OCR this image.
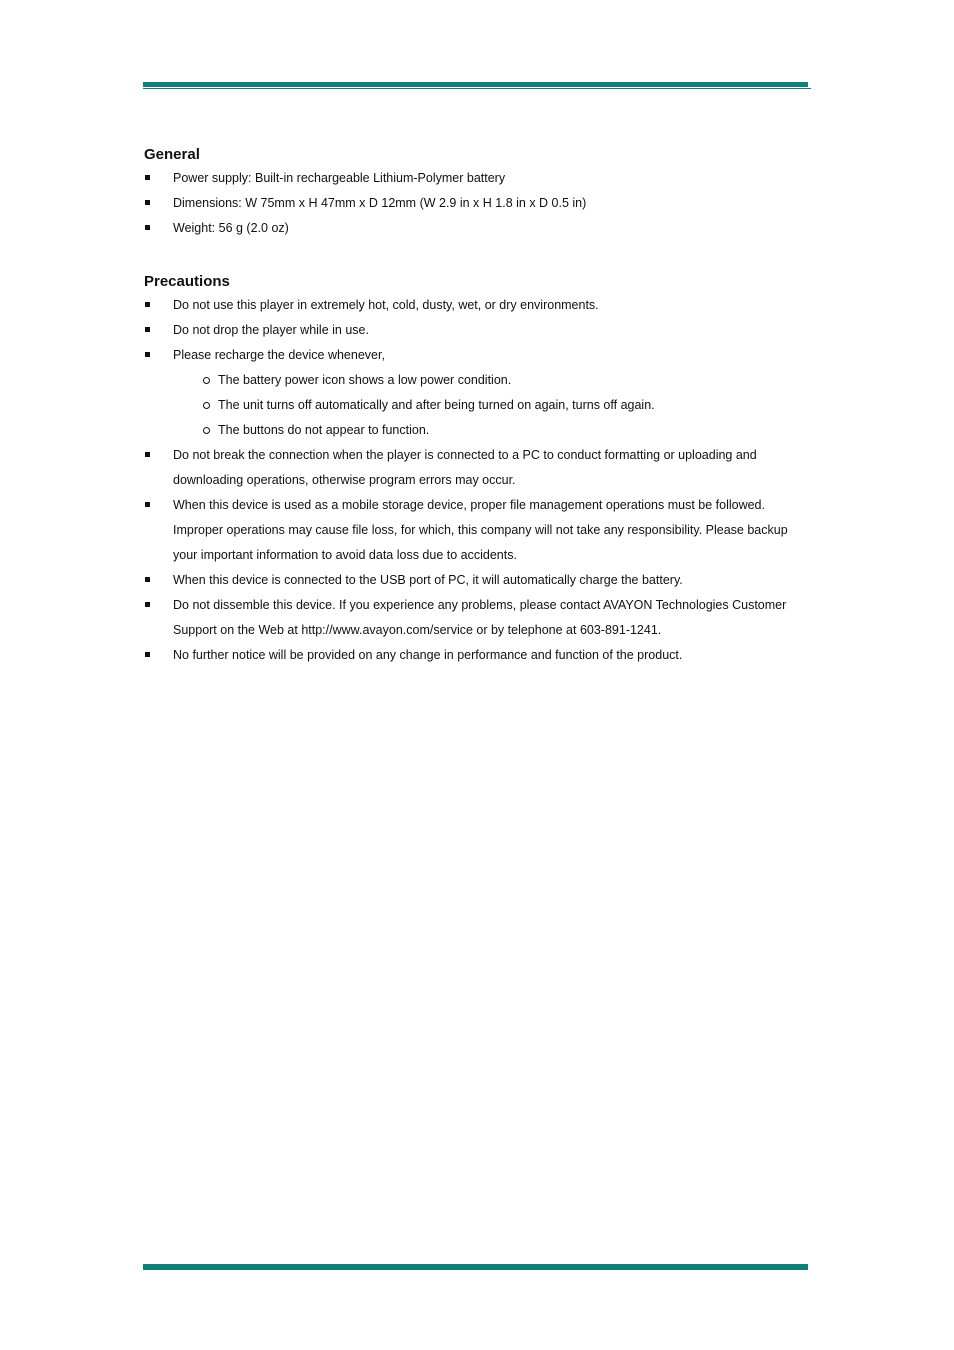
General
Power supply: Built-in rechargeable Lithium-Polymer battery
Dimensions: W 75mm x H 47mm x D 12mm (W 2.9 in x H 1.8 in x D 0.5 in)
Weight: 56 g (2.0 oz)
Precautions
Do not use this player in extremely hot, cold, dusty, wet, or dry environments.
Do not drop the player while in use.
Please recharge the device whenever,
The battery power icon shows a low power condition.
The unit turns off automatically and after being turned on again, turns off again.
The buttons do not appear to function.
Do not break the connection when the player is connected to a PC to conduct formatting or uploading and downloading operations, otherwise program errors may occur.
When this device is used as a mobile storage device, proper file management operations must be followed. Improper operations may cause file loss, for which, this company will not take any responsibility. Please backup your important information to avoid data loss due to accidents.
When this device is connected to the USB port of PC, it will automatically charge the battery.
Do not dissemble this device. If you experience any problems, please contact AVAYON Technologies Customer Support on the Web at http://www.avayon.com/service or by telephone at 603-891-1241.
No further notice will be provided on any change in performance and function of the product.
